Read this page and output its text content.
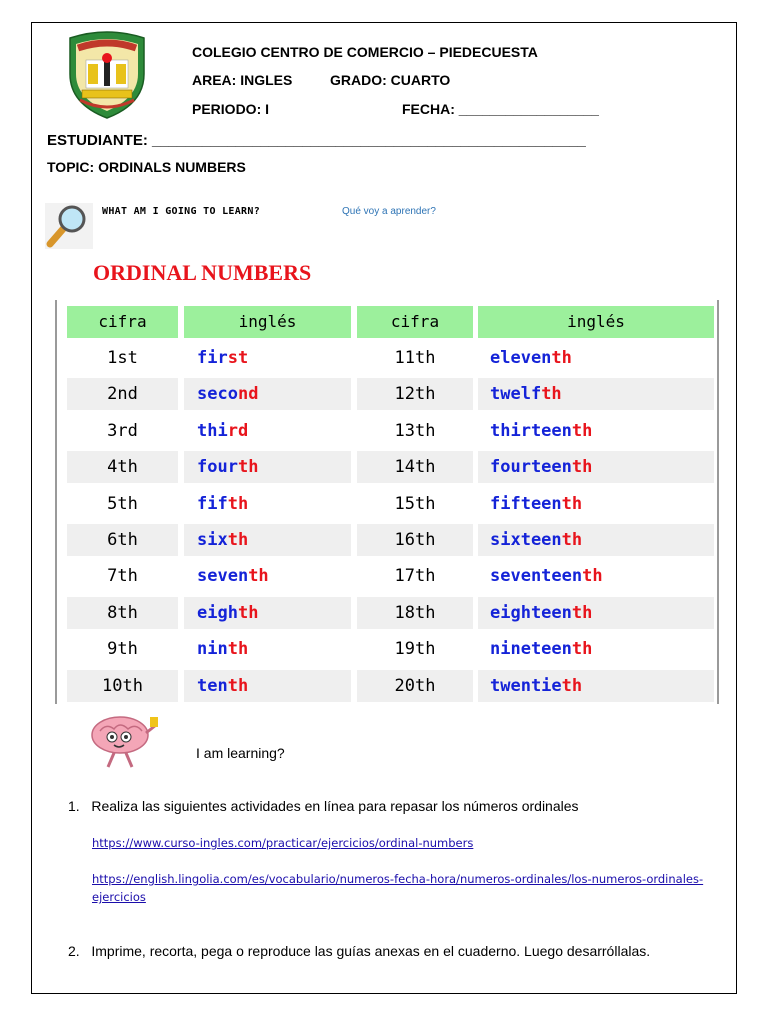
COLEGIO CENTRO DE COMERCIO – PIEDECUESTA
AREA: INGLES	GRADO: CUARTO
PERIODO: I	FECHA: __________________
ESTUDIANTE: ____________________________________________________
TOPIC: ORDINALS NUMBERS
WHAT AM I GOING TO LEARN?	Qué voy a aprender?
ORDINAL NUMBERS
cifra	inglés	cifra	inglés
1st	first	11th	eleventh
2nd	second	12th	twelfth
3rd	third	13th	thirteenth
4th	fourth	14th	fourteenth
5th	fifth	15th	fifteenth
6th	sixth	16th	sixteenth
7th	seventh	17th	seventeenth
8th	eighth	18th	eighteenth
9th	ninth	19th	nineteenth
10th	tenth	20th	twentieth
I am learning?
1. Realiza las siguientes actividades en línea para repasar los números ordinales
https://www.curso-ingles.com/practicar/ejercicios/ordinal-numbers
https://english.lingolia.com/es/vocabulario/numeros-fecha-hora/numeros-ordinales/los-numeros-ordinales-ejercicios
2. Imprime, recorta, pega o reproduce las guías anexas en el cuaderno. Luego desarróllalas.
